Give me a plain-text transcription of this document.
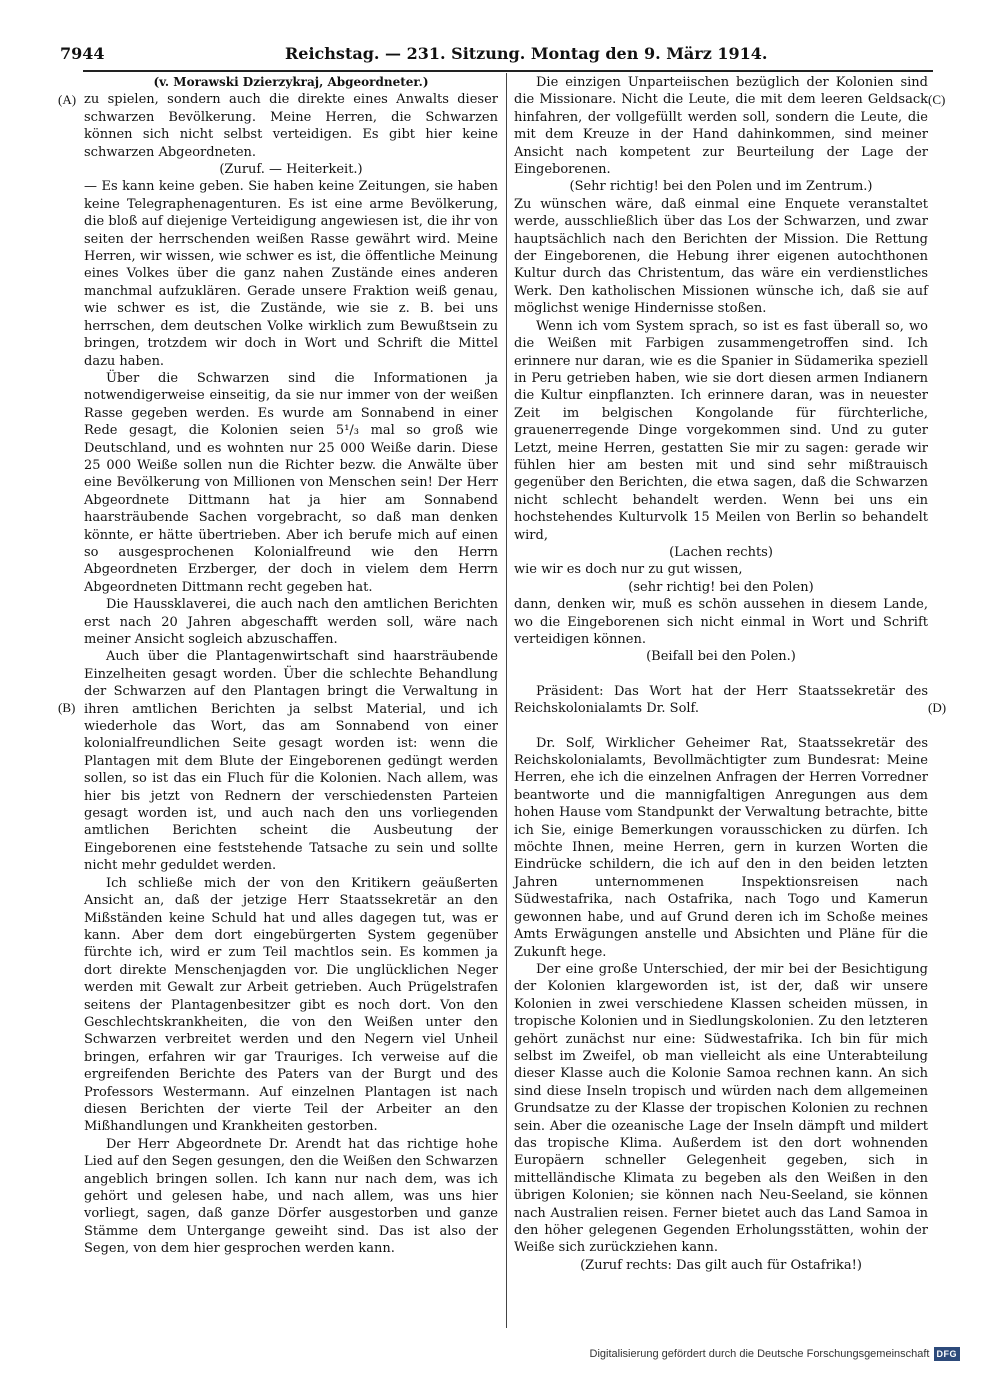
7944	Reichstag. — 231. Sitzung. Montag den 9. März 1914.
(A)
(B)
(C)
(D)

(v. Morawski Dzierzykraj, Abgeordneter.)

zu spielen, sondern auch die direkte eines Anwalts dieser schwarzen Bevölkerung. Meine Herren, die Schwarzen können sich nicht selbst verteidigen. Es gibt hier keine schwarzen Abgeordneten.

(Zuruf. — Heiterkeit.)

— Es kann keine geben. Sie haben keine Zeitungen, sie haben keine Telegraphenagenturen. Es ist eine arme Bevölkerung, die bloß auf diejenige Verteidigung angewiesen ist, die ihr von seiten der herrschenden weißen Rasse gewährt wird. Meine Herren, wir wissen, wie schwer es ist, die öffentliche Meinung eines Volkes über die ganz nahen Zustände eines anderen manchmal aufzuklären. Gerade unsere Fraktion weiß genau, wie schwer es ist, die Zustände, wie sie z. B. bei uns herrschen, dem deutschen Volke wirklich zum Bewußtsein zu bringen, trotzdem wir doch in Wort und Schrift die Mittel dazu haben.

Über die Schwarzen sind die Informationen ja notwendigerweise einseitig, da sie nur immer von der weißen Rasse gegeben werden. Es wurde am Sonnabend in einer Rede gesagt, die Kolonien seien 5¹/₃ mal so groß wie Deutschland, und es wohnten nur 25 000 Weiße darin. Diese 25 000 Weiße sollen nun die Richter bezw. die Anwälte über eine Bevölkerung von Millionen von Menschen sein! Der Herr Abgeordnete Dittmann hat ja hier am Sonnabend haarsträubende Sachen vorgebracht, so daß man denken könnte, er hätte übertrieben. Aber ich berufe mich auf einen so ausgesprochenen Kolonialfreund wie den Herrn Abgeordneten Erzberger, der doch in vielem dem Herrn Abgeordneten Dittmann recht gegeben hat.

Die Haussklaverei, die auch nach den amtlichen Berichten erst nach 20 Jahren abgeschafft werden soll, wäre nach meiner Ansicht sogleich abzuschaffen.

Auch über die Plantagenwirtschaft sind haarsträubende Einzelheiten gesagt worden. Über die schlechte Behandlung der Schwarzen auf den Plantagen bringt die Verwaltung in ihren amtlichen Berichten ja selbst Material, und ich wiederhole das Wort, das am Sonnabend von einer kolonialfreundlichen Seite gesagt worden ist: wenn die Plantagen mit dem Blute der Eingeborenen gedüngt werden sollen, so ist das ein Fluch für die Kolonien. Nach allem, was hier bis jetzt von Rednern der verschiedensten Parteien gesagt worden ist, und auch nach den uns vorliegenden amtlichen Berichten scheint die Ausbeutung der Eingeborenen eine feststehende Tatsache zu sein und sollte nicht mehr geduldet werden.

Ich schließe mich der von den Kritikern geäußerten Ansicht an, daß der jetzige Herr Staatssekretär an den Mißständen keine Schuld hat und alles dagegen tut, was er kann. Aber dem dort eingebürgerten System gegenüber fürchte ich, wird er zum Teil machtlos sein. Es kommen ja dort direkte Menschenjagden vor. Die unglücklichen Neger werden mit Gewalt zur Arbeit getrieben. Auch Prügelstrafen seitens der Plantagenbesitzer gibt es noch dort. Von den Geschlechtskrankheiten, die von den Weißen unter den Schwarzen verbreitet werden und den Negern viel Unheil bringen, erfahren wir gar Trauriges. Ich verweise auf die ergreifenden Berichte des Paters van der Burgt und des Professors Westermann. Auf einzelnen Plantagen ist nach diesen Berichten der vierte Teil der Arbeiter an den Mißhandlungen und Krankheiten gestorben.

Der Herr Abgeordnete Dr. Arendt hat das richtige hohe Lied auf den Segen gesungen, den die Weißen den Schwarzen angeblich bringen sollen. Ich kann nur nach dem, was ich gehört und gelesen habe, und nach allem, was uns hier vorliegt, sagen, daß ganze Dörfer ausgestorben und ganze Stämme dem Untergange geweiht sind. Das ist also der Segen, von dem hier gesprochen werden kann.

Die einzigen Unparteiischen bezüglich der Kolonien sind die Missionare. Nicht die Leute, die mit dem leeren Geldsack hinfahren, der vollgefüllt werden soll, sondern die Leute, die mit dem Kreuze in der Hand dahinkommen, sind meiner Ansicht nach kompetent zur Beurteilung der Lage der Eingeborenen.

(Sehr richtig! bei den Polen und im Zentrum.)

Zu wünschen wäre, daß einmal eine Enquete veranstaltet werde, ausschließlich über das Los der Schwarzen, und zwar hauptsächlich nach den Berichten der Mission. Die Rettung der Eingeborenen, die Hebung ihrer eigenen autochthonen Kultur durch das Christentum, das wäre ein verdienstliches Werk. Den katholischen Missionen wünsche ich, daß sie auf möglichst wenige Hindernisse stoßen.

Wenn ich vom System sprach, so ist es fast überall so, wo die Weißen mit Farbigen zusammengetroffen sind. Ich erinnere nur daran, wie es die Spanier in Südamerika speziell in Peru getrieben haben, wie sie dort diesen armen Indianern die Kultur einpflanzten. Ich erinnere daran, was in neuester Zeit im belgischen Kongolande für fürchterliche, grauenerregende Dinge vorgekommen sind. Und zu guter Letzt, meine Herren, gestatten Sie mir zu sagen: gerade wir fühlen hier am besten mit und sind sehr mißtrauisch gegenüber den Berichten, die etwa sagen, daß die Schwarzen nicht schlecht behandelt werden. Wenn bei uns ein hochstehendes Kulturvolk 15 Meilen von Berlin so behandelt wird,

(Lachen rechts)

wie wir es doch nur zu gut wissen,

(sehr richtig! bei den Polen)

dann, denken wir, muß es schön aussehen in diesem Lande, wo die Eingeborenen sich nicht einmal in Wort und Schrift verteidigen können.

(Beifall bei den Polen.)

Präsident: Das Wort hat der Herr Staatssekretär des Reichskolonialamts Dr. Solf.

Dr. Solf, Wirklicher Geheimer Rat, Staatssekretär des Reichskolonialamts, Bevollmächtigter zum Bundesrat: Meine Herren, ehe ich die einzelnen Anfragen der Herren Vorredner beantworte und die mannigfaltigen Anregungen aus dem hohen Hause vom Standpunkt der Verwaltung betrachte, bitte ich Sie, einige Bemerkungen vorausschicken zu dürfen. Ich möchte Ihnen, meine Herren, gern in kurzen Worten die Eindrücke schildern, die ich auf den in den beiden letzten Jahren unternommenen Inspektionsreisen nach Südwestafrika, nach Ostafrika, nach Togo und Kamerun gewonnen habe, und auf Grund deren ich im Schoße meines Amts Erwägungen anstelle und Absichten und Pläne für die Zukunft hege.

Der eine große Unterschied, der mir bei der Besichtigung der Kolonien klargeworden ist, ist der, daß wir unsere Kolonien in zwei verschiedene Klassen scheiden müssen, in tropische Kolonien und in Siedlungskolonien. Zu den letzteren gehört zunächst nur eine: Südwestafrika. Ich bin für mich selbst im Zweifel, ob man vielleicht als eine Unterabteilung dieser Klasse auch die Kolonie Samoa rechnen kann. An sich sind diese Inseln tropisch und würden nach dem allgemeinen Grundsatze zu der Klasse der tropischen Kolonien zu rechnen sein. Aber die ozeanische Lage der Inseln dämpft und mildert das tropische Klima. Außerdem ist den dort wohnenden Europäern schneller Gelegenheit gegeben, sich in mittelländische Klimata zu begeben als den Weißen in den übrigen Kolonien; sie können nach Neu-Seeland, sie können nach Australien reisen. Ferner bietet auch das Land Samoa in den höher gelegenen Gegenden Erholungsstätten, wohin der Weiße sich zurückziehen kann.

(Zuruf rechts: Das gilt auch für Ostafrika!)

Digitalisierung gefördert durch die Deutsche Forschungsgemeinschaft DFG
